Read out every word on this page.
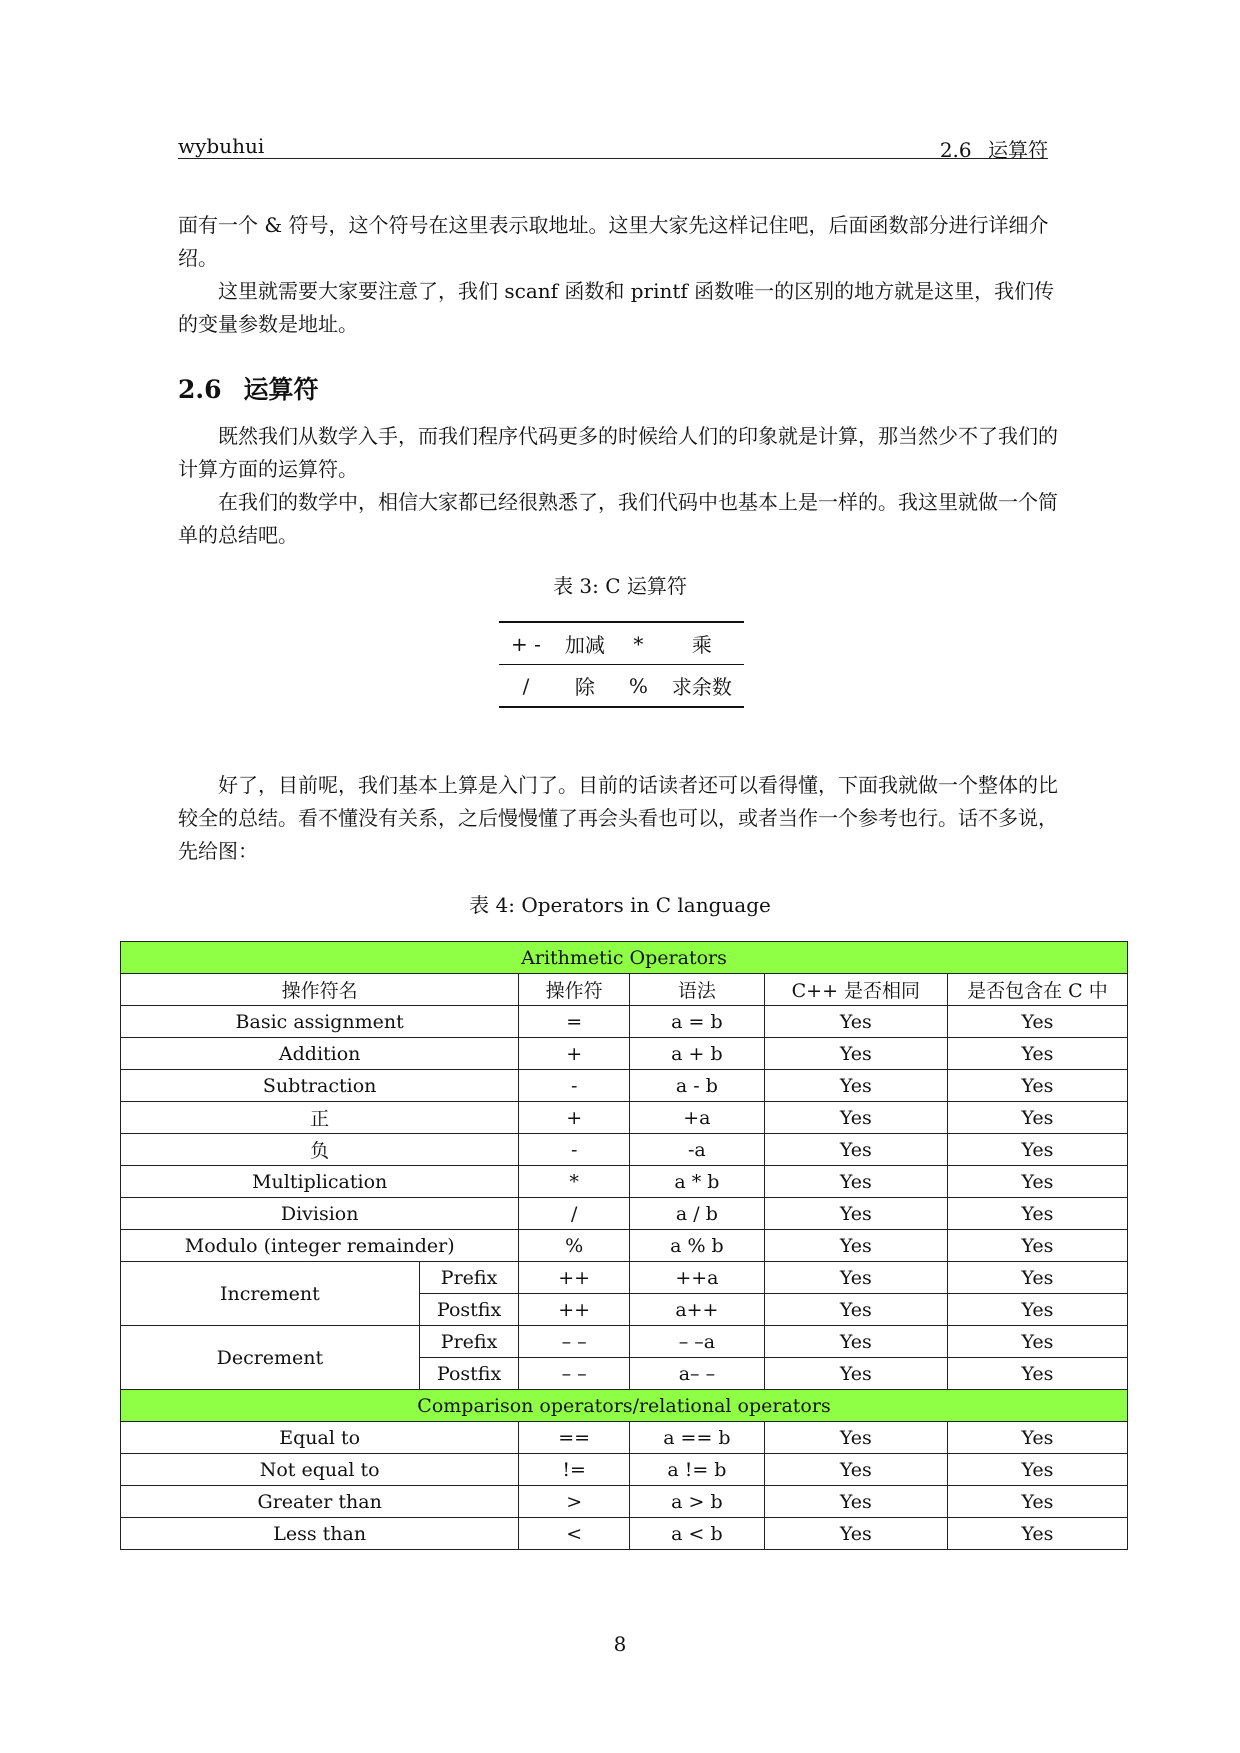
wybuhui	2.6 运算符

面有一个 & 符号，这个符号在这里表示取地址。这里大家先这样记住吧，后面函数部分进行详细介绍。

这里就需要大家要注意了，我们 scanf 函数和 printf 函数唯一的区别的地方就是这里，我们传的变量参数是地址。

2.6 运算符

既然我们从数学入手，而我们程序代码更多的时候给人们的印象就是计算，那当然少不了我们的计算方面的运算符。

在我们的数学中，相信大家都已经很熟悉了，我们代码中也基本上是一样的。我这里就做一个简单的总结吧。

表 3: C 运算符
+ -	加减	*	乘
/	除	%	求余数

好了，目前呢，我们基本上算是入门了。目前的话读者还可以看得懂，下面我就做一个整体的比较全的总结。看不懂没有关系，之后慢慢懂了再会头看也可以，或者当作一个参考也行。话不多说，先给图：

表 4: Operators in C language
Arithmetic Operators					
操作符名		操作符	语法	C++ 是否相同	是否包含在 C 中
Basic assignment		=	a = b	Yes	Yes
Addition		+	a + b	Yes	Yes
Subtraction		-	a - b	Yes	Yes
正		+	+a	Yes	Yes
负		-	-a	Yes	Yes
Multiplication		*	a * b	Yes	Yes
Division		/	a / b	Yes	Yes
Modulo (integer remainder)		%	a % b	Yes	Yes
Increment	Prefix	++	++a	Yes	Yes
	Postfix	++	a++	Yes	Yes
Decrement	Prefix	– –	– –a	Yes	Yes
	Postfix	– –	a– –	Yes	Yes
Comparison operators/relational operators					
Equal to		==	a == b	Yes	Yes
Not equal to		!=	a != b	Yes	Yes
Greater than		>	a > b	Yes	Yes
Less than		<	a < b	Yes	Yes
8
